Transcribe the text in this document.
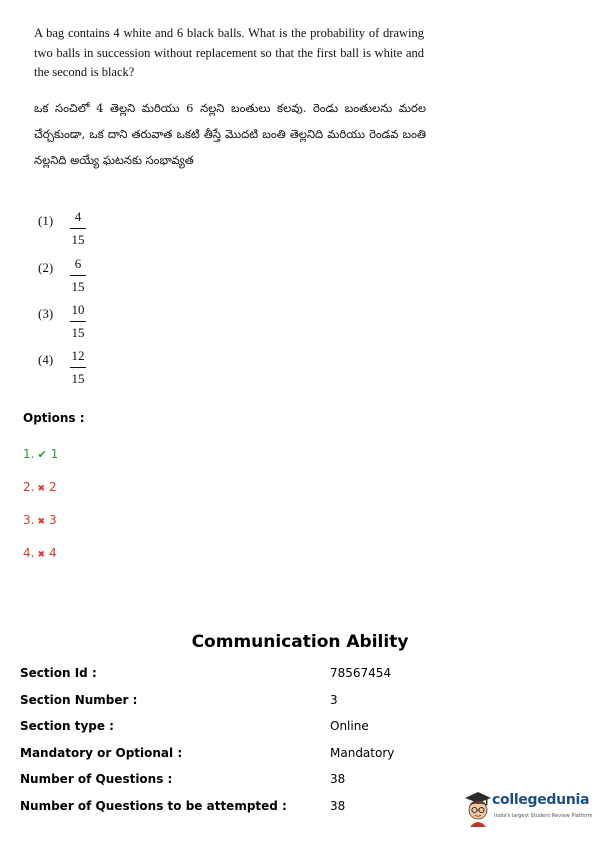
A bag contains 4 white and 6 black balls. What is the probability of drawing two balls in succession without replacement so that the first ball is white and the second is black?
ఒక సంచిలో 4 తెల్లని మరియు 6 నల్లని బంతులు కలవు. రెండు బంతులను మరల చేర్చకుండా, ఒక దాని తరువాత ఒకటి తీస్తే మొదటి బంతి తెల్లనిది మరియు రెండవ బంతి నల్లనిది అయ్యే ఘటనకు సంభావ్యత
(1)	4
15
(2)	6
15
(3) 10
15
(4) 12
15
Options :
1. ✔ 1
2. ✖ 2
3. ✖ 3
4. ✖ 4
Communication Ability
Section Id :	78567454
Section Number :	3
Section type :	Online
Mandatory or Optional :	Mandatory
Number of Questions :	38
Number of Questions to be attempted :	38	collegedunia
India's largest Student Review Platform
